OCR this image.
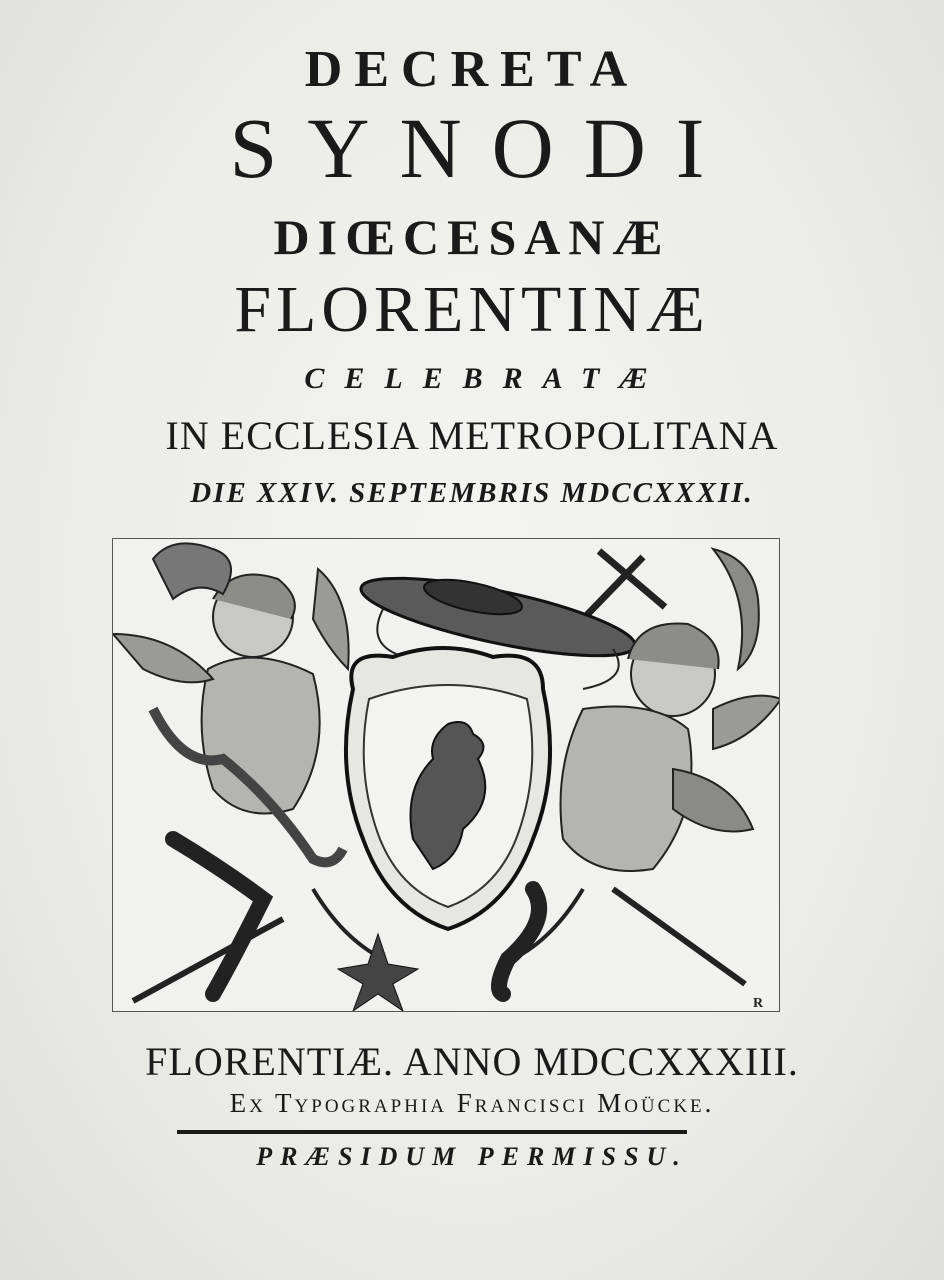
DECRETA
SYNODI
DIŒCESANÆ
FLORENTINÆ
CELEBRATÆ
IN ECCLESIA METROPOLITANA
DIE XXIV. SEPTEMBRIS MDCCXXXII.
R
FLORENTIÆ. ANNO MDCCXXXIII.
Ex Typographia Francisci Moücke.
PRÆSIDUM PERMISSU.
